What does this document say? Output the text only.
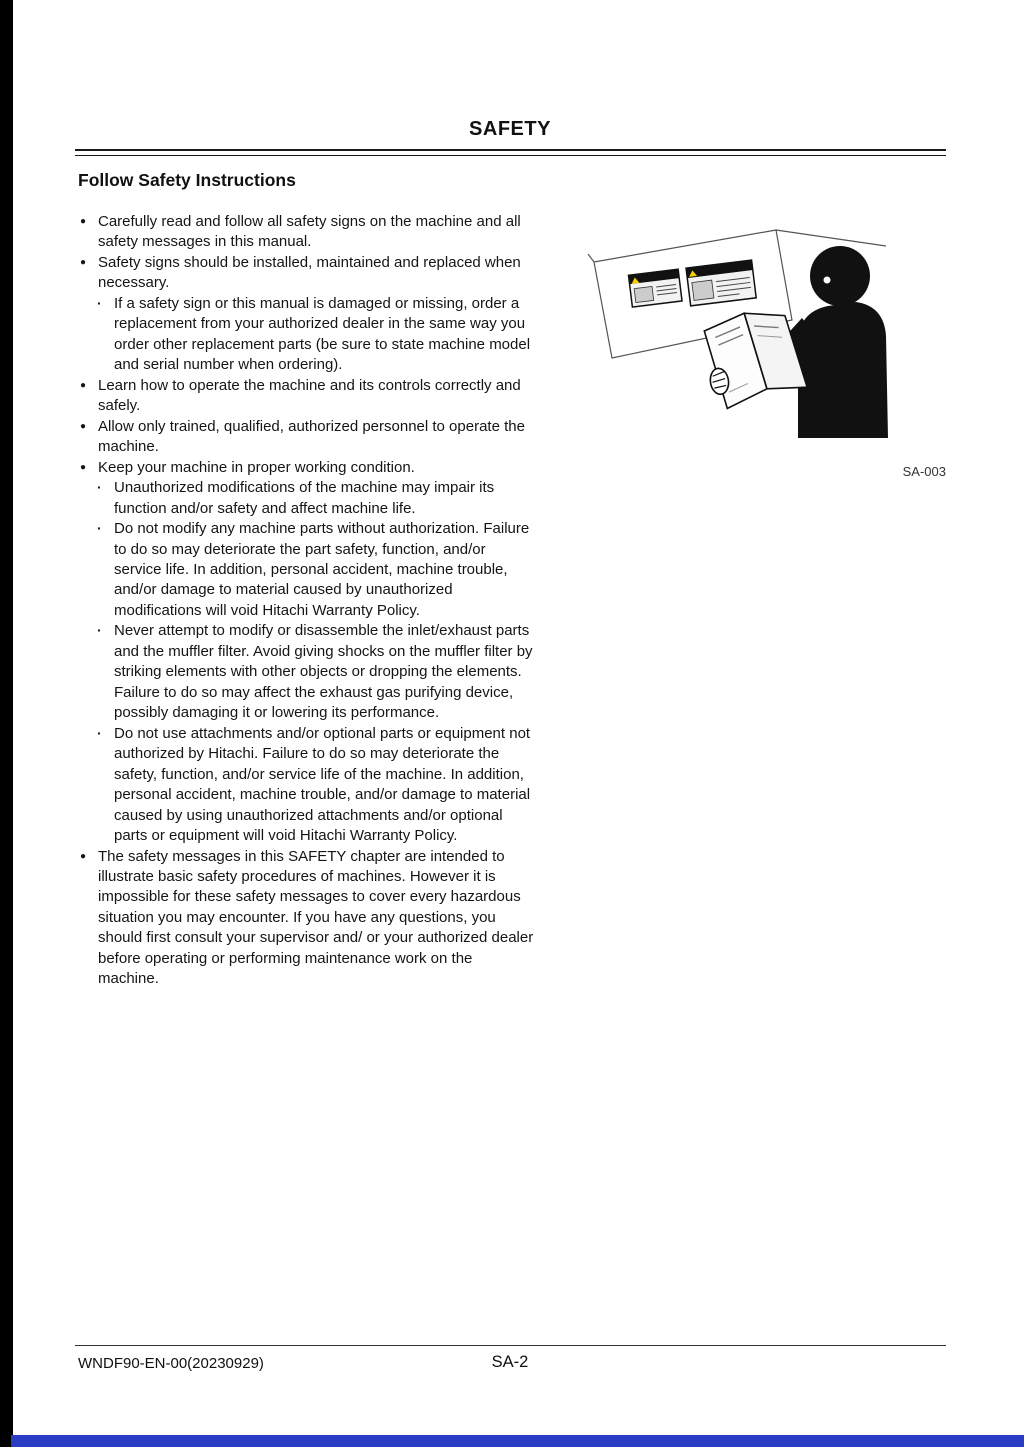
SAFETY
Follow Safety Instructions
● Carefully read and follow all safety signs on the machine and all safety messages in this manual.
● Safety signs should be installed, maintained and replaced when necessary.
· If a safety sign or this manual is damaged or missing, order a replacement from your authorized dealer in the same way you order other replacement parts (be sure to state machine model and serial number when ordering).
● Learn how to operate the machine and its controls correctly and safely.
● Allow only trained, qualified, authorized personnel to operate the machine.
● Keep your machine in proper working condition.
· Unauthorized modifications of the machine may impair its function and/or safety and affect machine life.
· Do not modify any machine parts without authorization. Failure to do so may deteriorate the part safety, function, and/or service life. In addition, personal accident, machine trouble, and/or damage to material caused by unauthorized modifications will void Hitachi Warranty Policy.
· Never attempt to modify or disassemble the inlet/exhaust parts and the muffler filter. Avoid giving shocks on the muffler filter by striking elements with other objects or dropping the elements. Failure to do so may affect the exhaust gas purifying device, possibly damaging it or lowering its performance.
· Do not use attachments and/or optional parts or equipment not authorized by Hitachi. Failure to do so may deteriorate the safety, function, and/or service life of the machine. In addition, personal accident, machine trouble, and/or damage to material caused by using unauthorized attachments and/or optional parts or equipment will void Hitachi Warranty Policy.
● The safety messages in this SAFETY chapter are intended to illustrate basic safety procedures of machines. However it is impossible for these safety messages to cover every hazardous situation you may encounter. If you have any questions, you should first consult your supervisor and/ or your authorized dealer before operating or performing maintenance work on the machine.
SA-003
WNDF90-EN-00(20230929)	SA-2
